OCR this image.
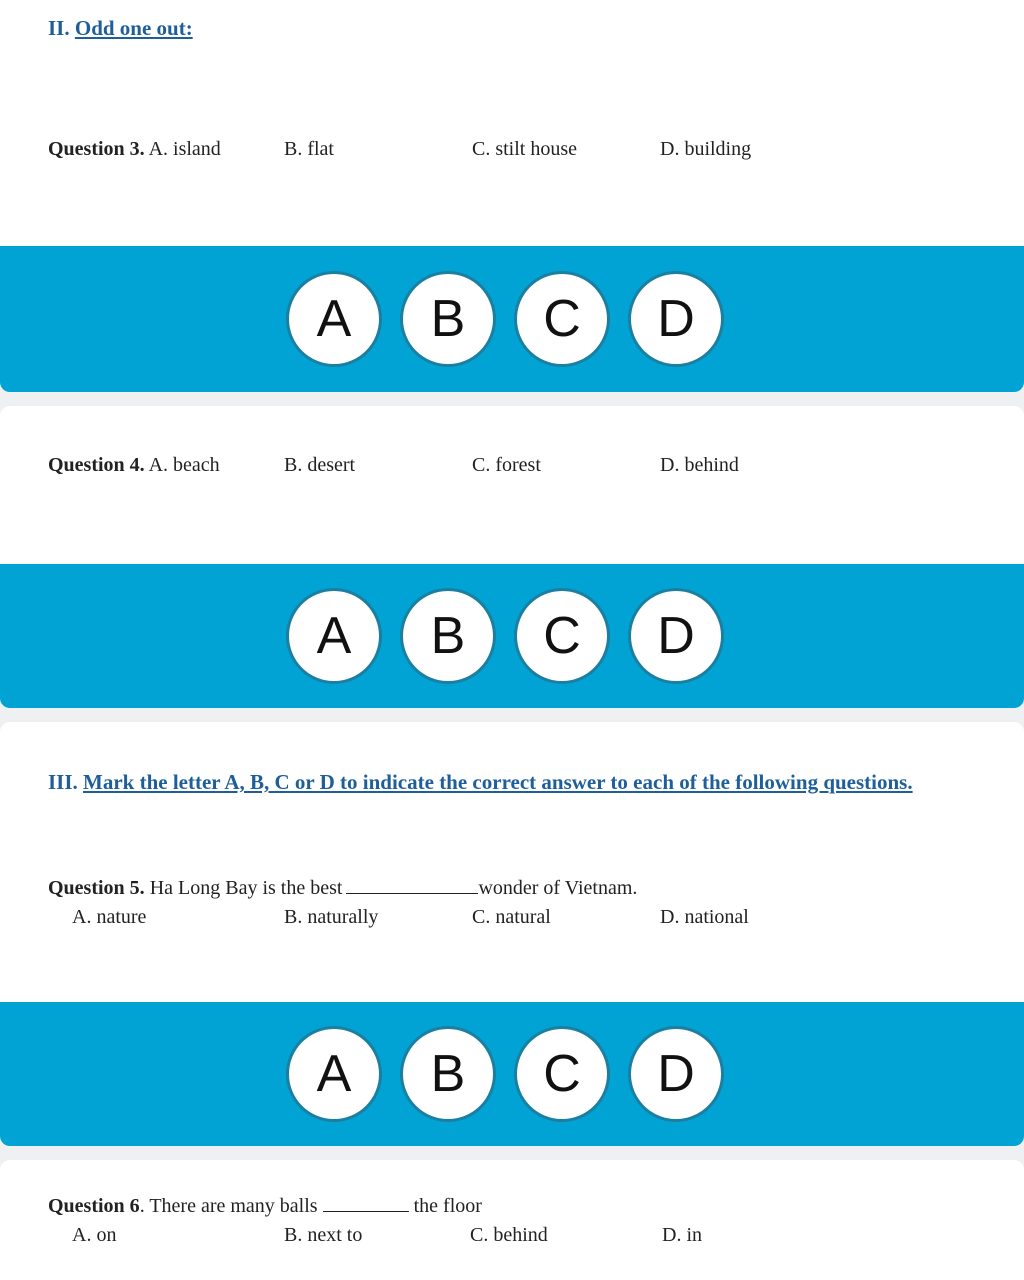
II. Odd one out:
Question 3. A. island	B. flat	C. stilt house	D. building
A	B	C	D
Question 4. A. beach	B. desert	C. forest	D. behind
A	B	C	D
III. Mark the letter A, B, C or D to indicate the correct answer to each of the following questions.
Question 5. Ha Long Bay is the best	wonder of Vietnam.
A. nature	B. naturally	C. natural	D. national
A	B	C	D
Question 6. There are many balls	the floor
A. on	B. next to	C. behind	D. in
